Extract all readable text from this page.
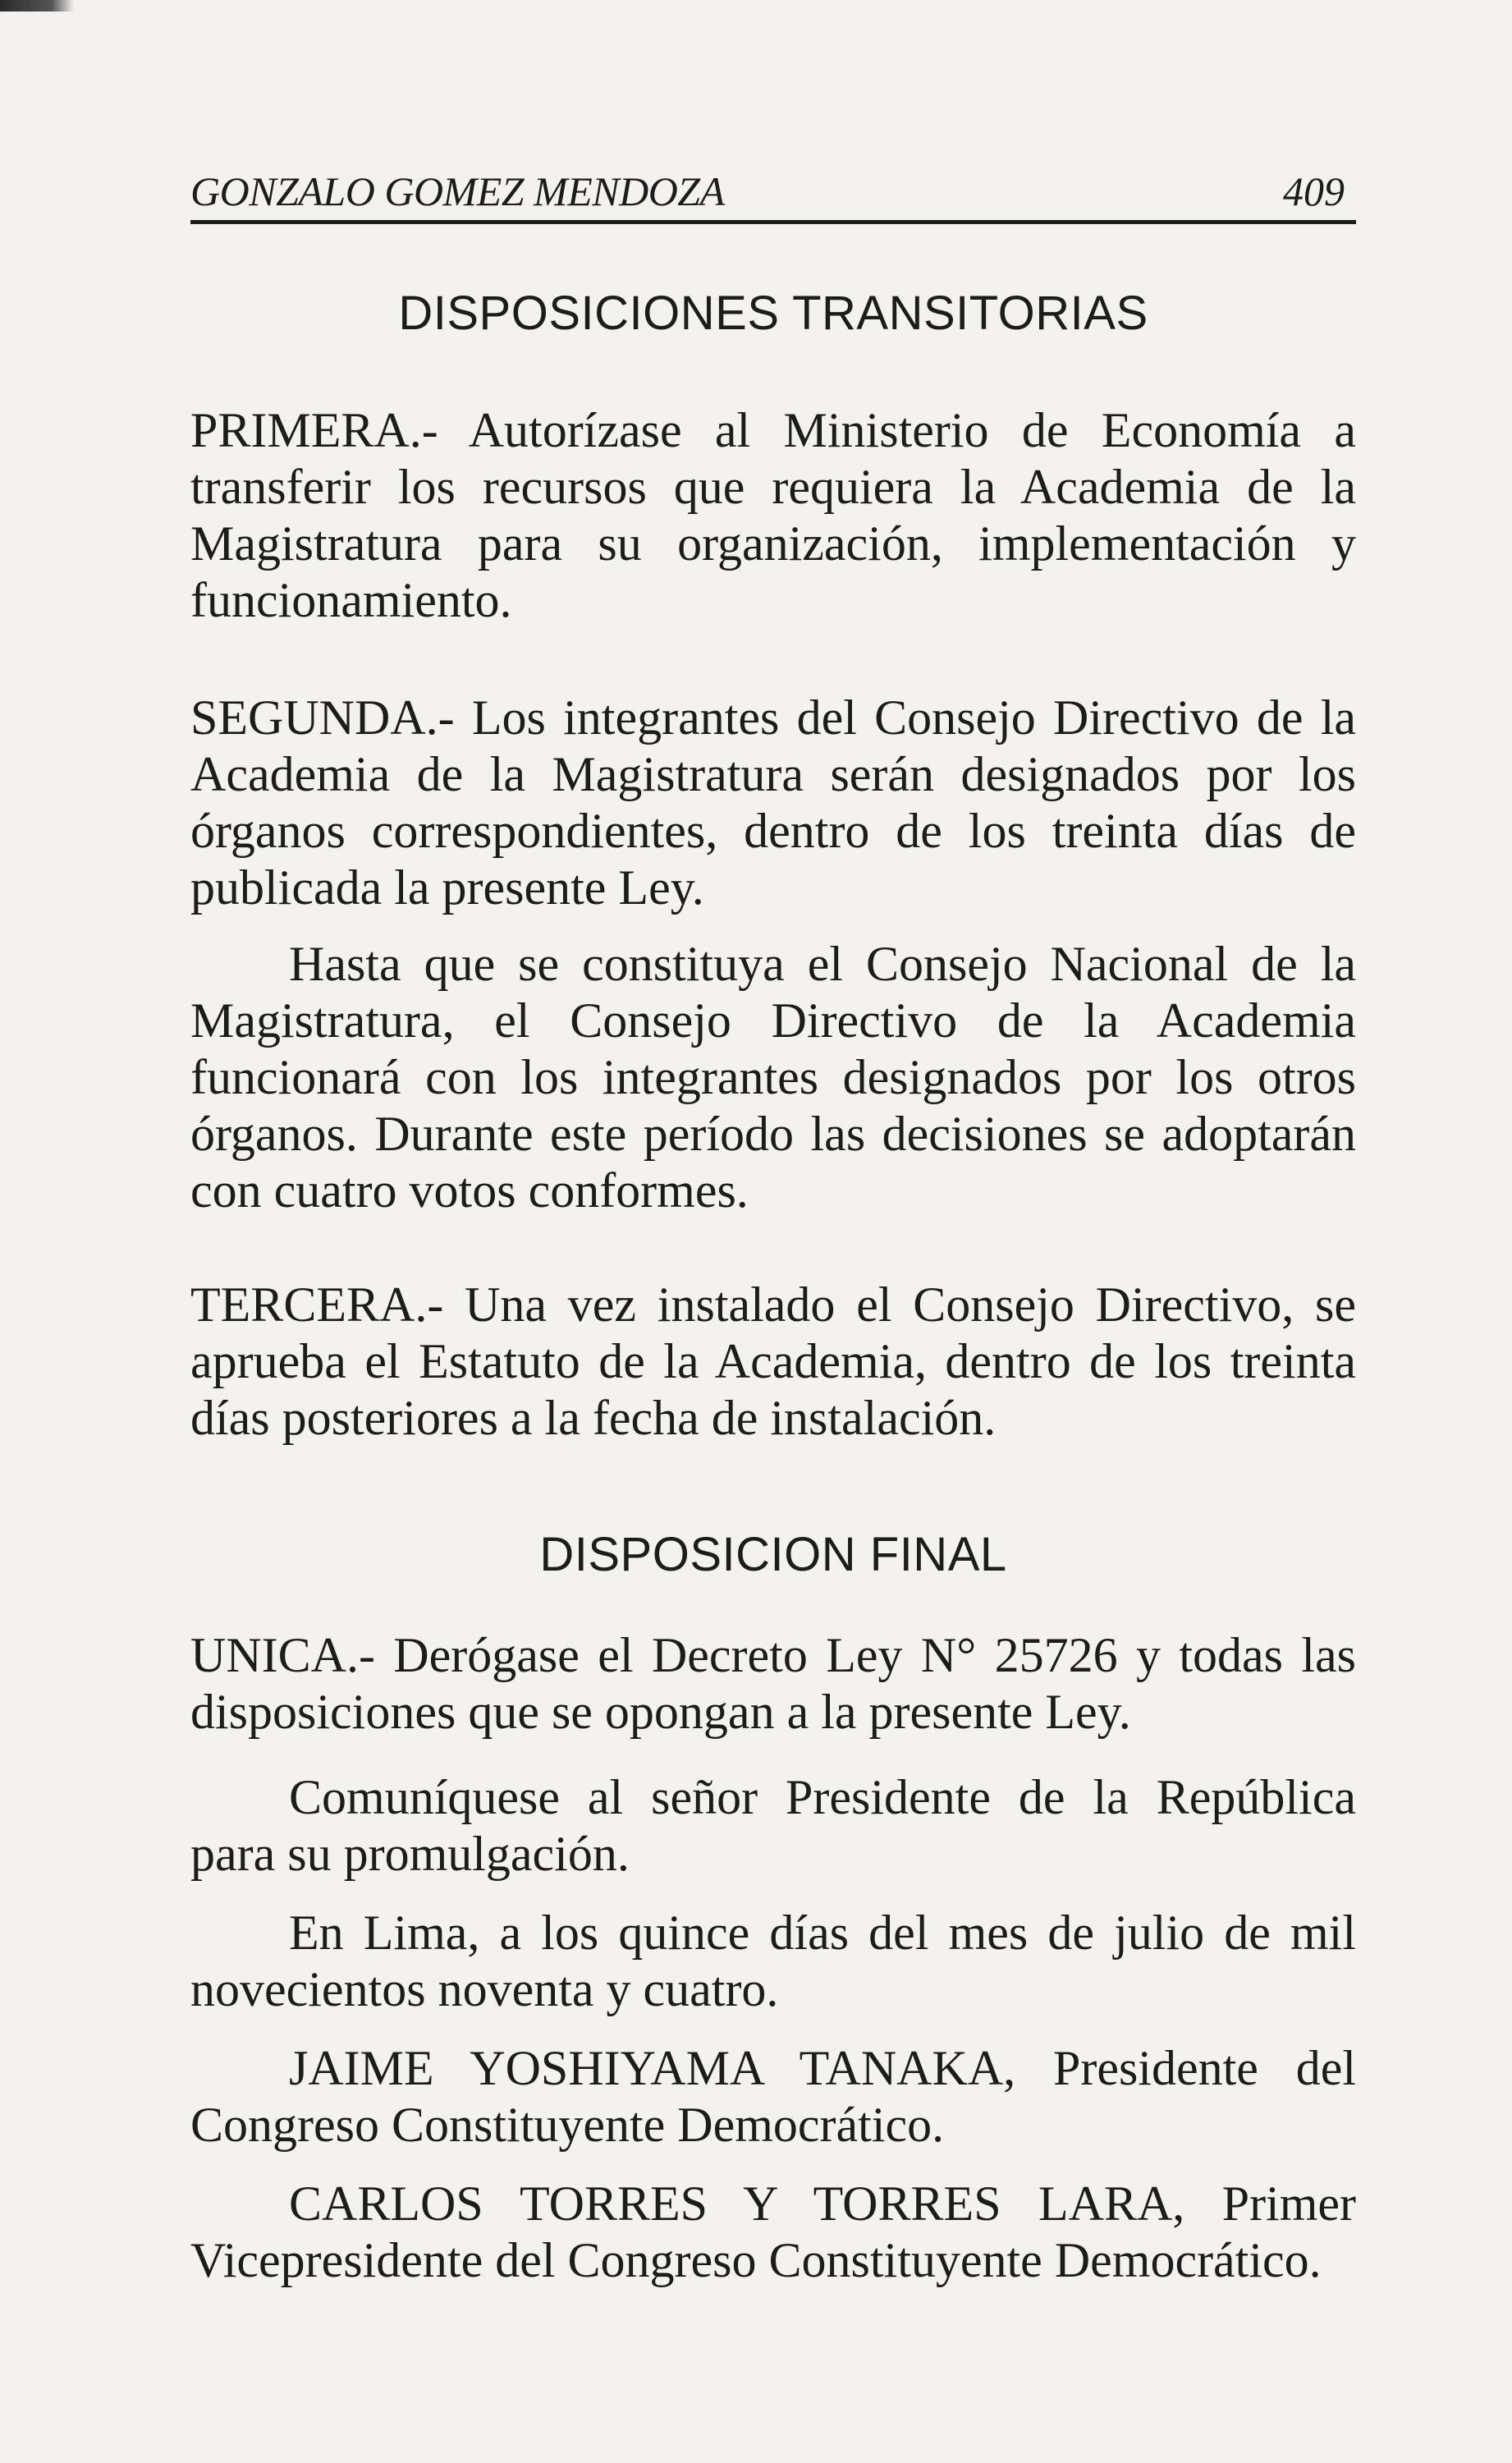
GONZALO GOMEZ MENDOZA	409
DISPOSICIONES TRANSITORIAS
PRIMERA.- Autorízase al Ministerio de Economía a transferir los recursos que requiera la Academia de la Magistratura para su organización, implementación y funcionamiento.
SEGUNDA.- Los integrantes del Consejo Directivo de la Academia de la Magistratura serán designados por los órganos correspondientes, dentro de los treinta días de publicada la presente Ley.
Hasta que se constituya el Consejo Nacional de la Magistratura, el Consejo Directivo de la Academia funcionará con los integrantes designados por los otros órganos. Durante este período las decisiones se adoptarán con cuatro votos conformes.
TERCERA.- Una vez instalado el Consejo Directivo, se aprueba el Estatuto de la Academia, dentro de los treinta días posteriores a la fecha de instalación.
DISPOSICION FINAL
UNICA.- Derógase el Decreto Ley N° 25726 y todas las disposiciones que se opongan a la presente Ley.
Comuníquese al señor Presidente de la República para su promulgación.
En Lima, a los quince días del mes de julio de mil novecientos noventa y cuatro.
JAIME YOSHIYAMA TANAKA, Presidente del Congreso Constituyente Democrático.
CARLOS TORRES Y TORRES LARA, Primer Vicepresidente del Congreso Constituyente Democrático.
